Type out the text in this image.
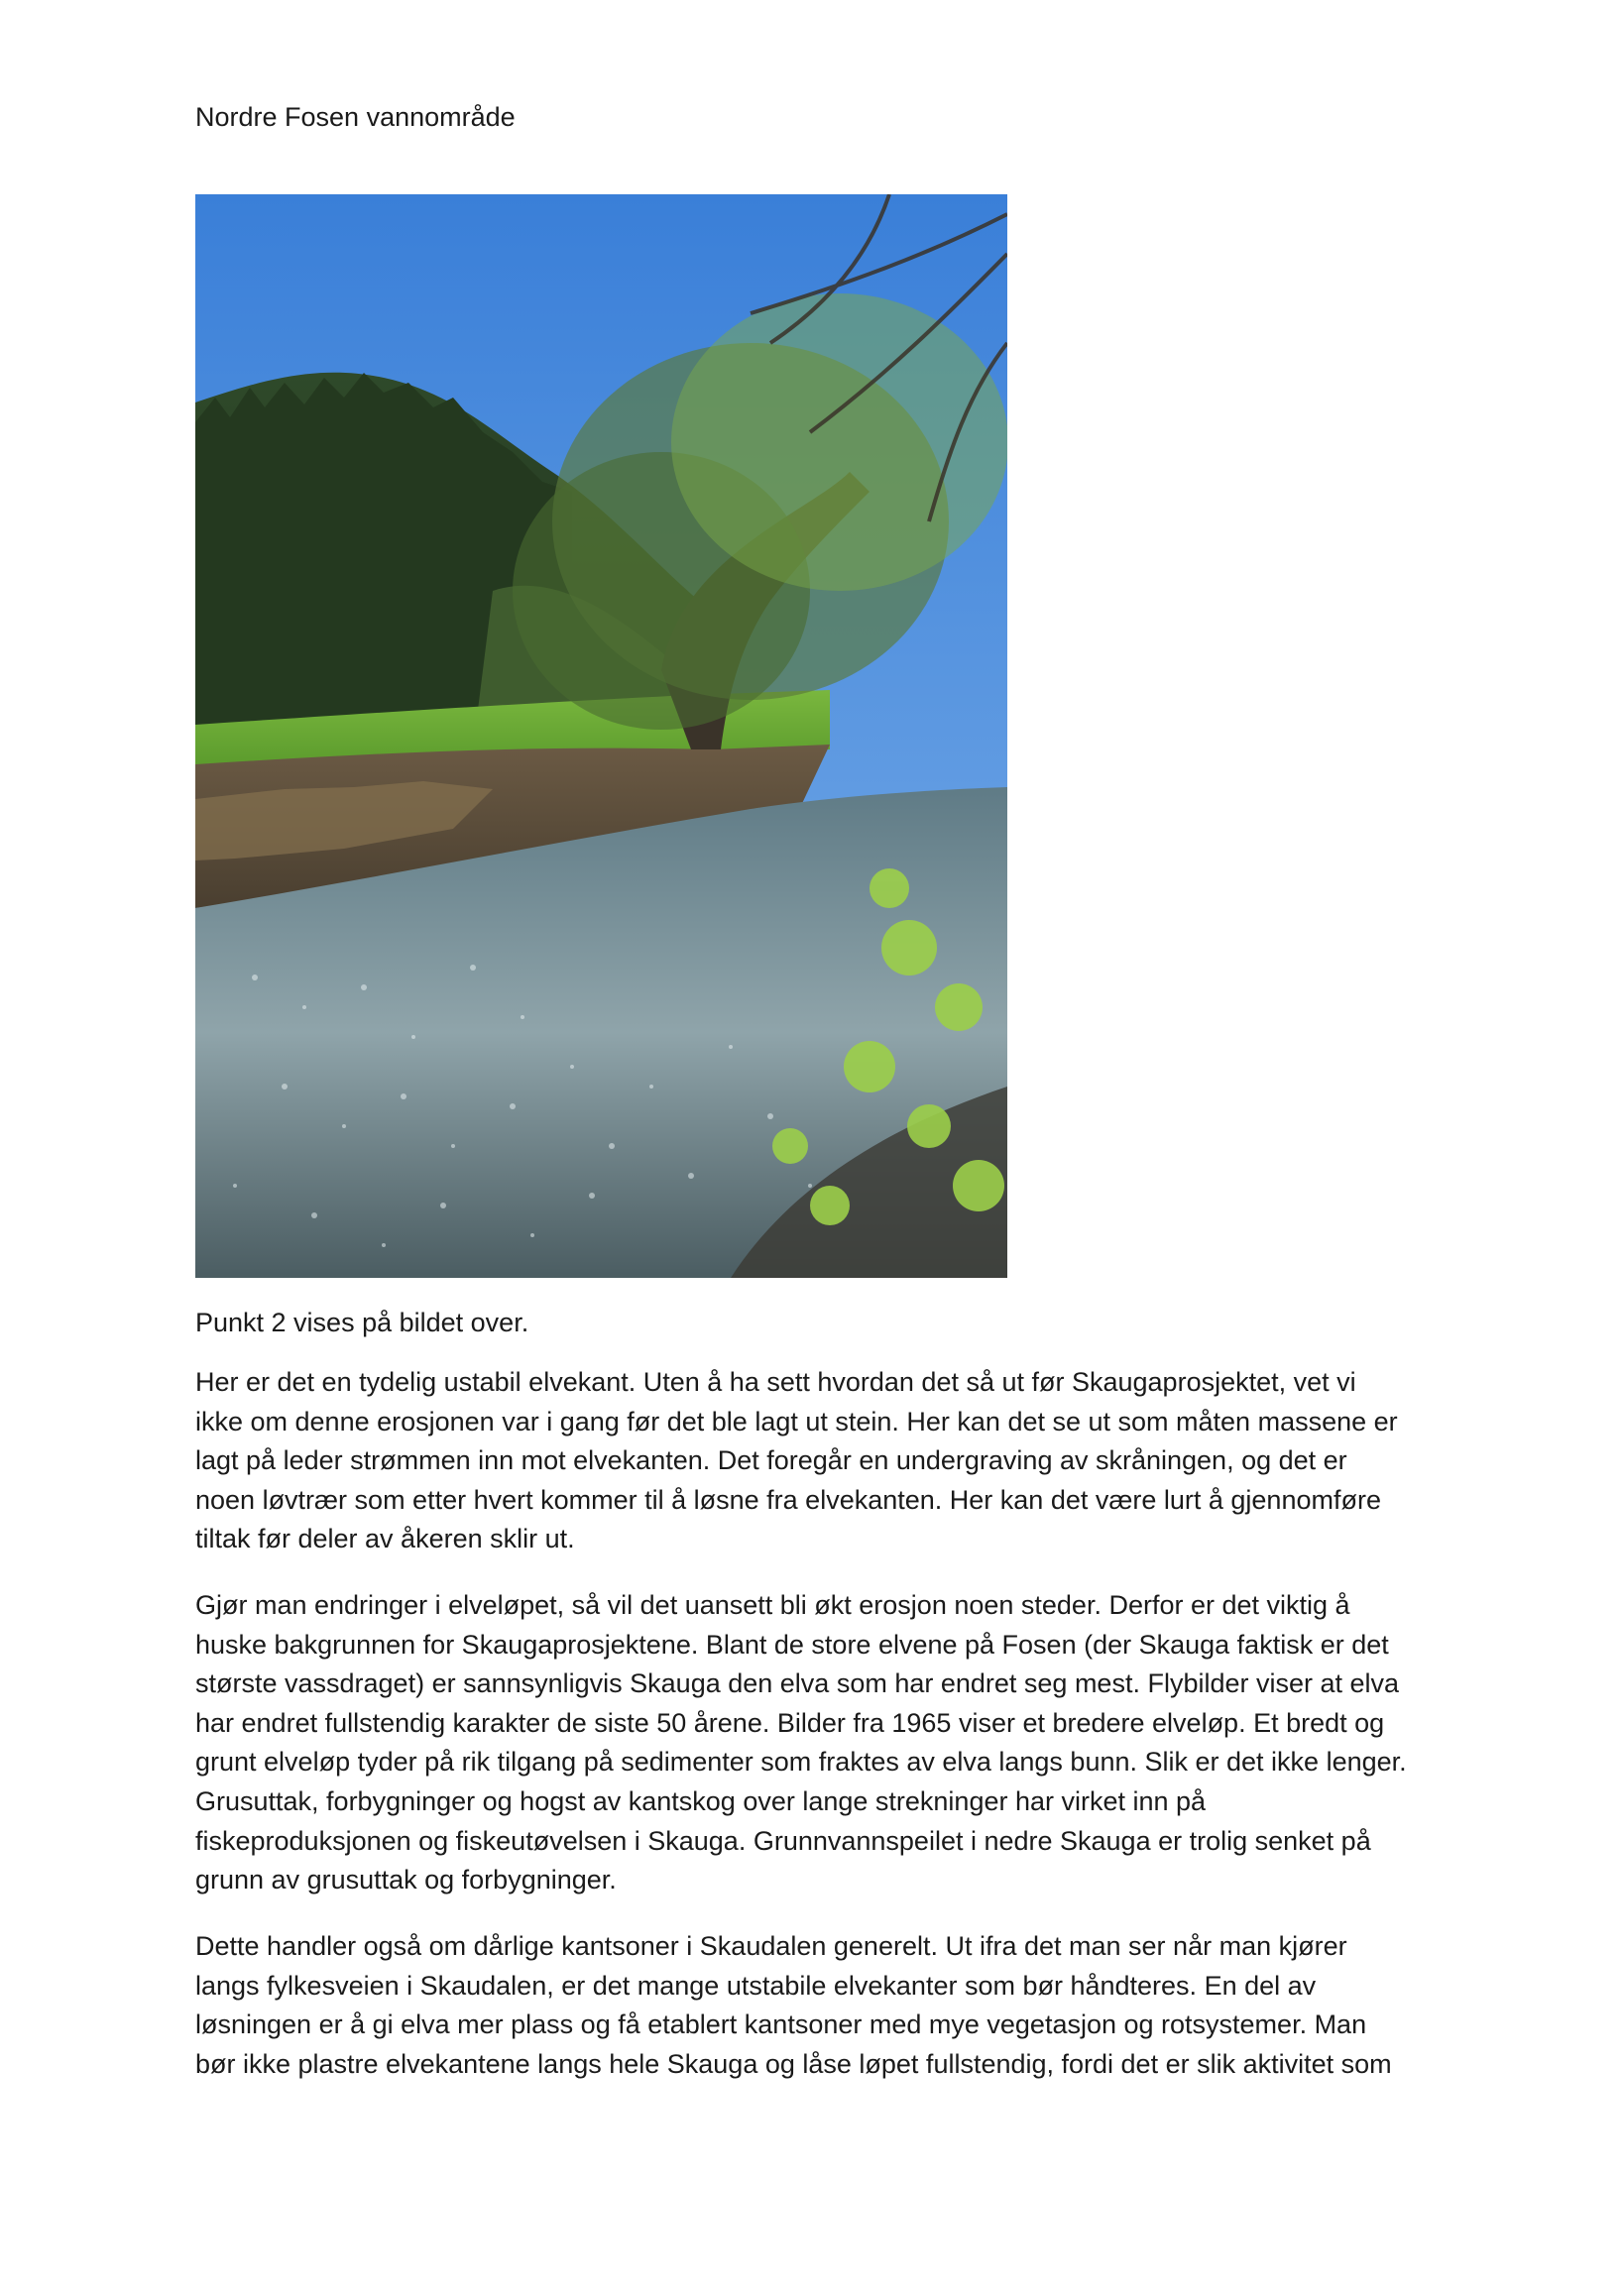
Nordre Fosen vannområde
Punkt 2 vises på bildet over.
Her er det en tydelig ustabil elvekant. Uten å ha sett hvordan det så ut før Skaugaprosjektet, vet vi
ikke om denne erosjonen var i gang før det ble lagt ut stein. Her kan det se ut som måten massene er
lagt på leder strømmen inn mot elvekanten. Det foregår en undergraving av skråningen, og det er
noen løvtrær som etter hvert kommer til å løsne fra elvekanten. Her kan det være lurt å gjennomføre
tiltak før deler av åkeren sklir ut.
Gjør man endringer i elveløpet, så vil det uansett bli økt erosjon noen steder. Derfor er det viktig å
huske bakgrunnen for Skaugaprosjektene. Blant de store elvene på Fosen (der Skauga faktisk er det
største vassdraget) er sannsynligvis Skauga den elva som har endret seg mest. Flybilder viser at elva
har endret fullstendig karakter de siste 50 årene. Bilder fra 1965 viser et bredere elveløp. Et bredt og
grunt elveløp tyder på rik tilgang på sedimenter som fraktes av elva langs bunn. Slik er det ikke lenger.
Grusuttak, forbygninger og hogst av kantskog over lange strekninger har virket inn på
fiskeproduksjonen og fiskeutøvelsen i Skauga. Grunnvannspeilet i nedre Skauga er trolig senket på
grunn av grusuttak og forbygninger.
Dette handler også om dårlige kantsoner i Skaudalen generelt. Ut ifra det man ser når man kjører
langs fylkesveien i Skaudalen, er det mange utstabile elvekanter som bør håndteres. En del av
løsningen er å gi elva mer plass og få etablert kantsoner med mye vegetasjon og rotsystemer. Man
bør ikke plastre elvekantene langs hele Skauga og låse løpet fullstendig, fordi det er slik aktivitet som
